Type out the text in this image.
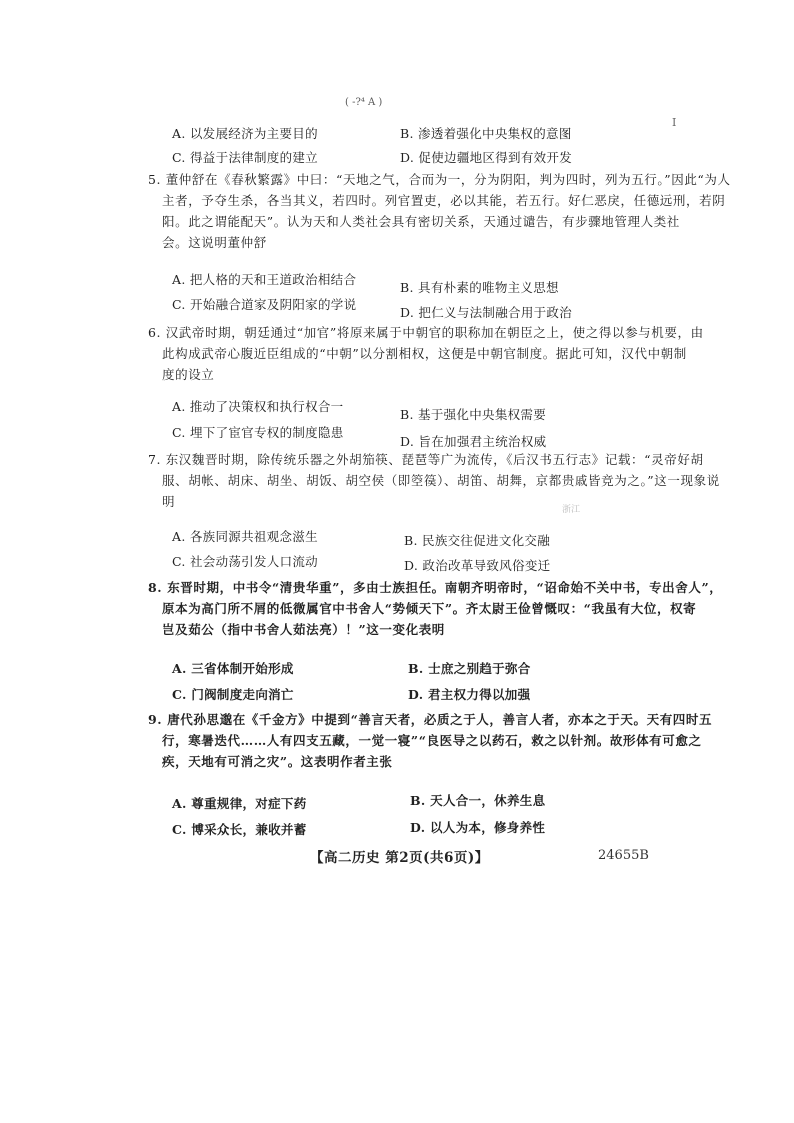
( -?⁴ A )
I
A. 以发展经济为主要目的	B. 渗透着强化中央集权的意图
C. 得益于法律制度的建立	D. 促使边疆地区得到有效开发
5. 董仲舒在《春秋繁露》中曰：“天地之气，合而为一，分为阴阳，判为四时，列为五行。”因此“为人
主者，予夺生杀，各当其义，若四时。列官置吏，必以其能，若五行。好仁恶戾，任德远刑，若阴
阳。此之谓能配天”。认为天和人类社会具有密切关系，天通过谴告，有步骤地管理人类社
会。这说明董仲舒
A. 把人格的天和王道政治相结合
B. 具有朴素的唯物主义思想
C. 开始融合道家及阴阳家的学说
D. 把仁义与法制融合用于政治
6. 汉武帝时期，朝廷通过“加官”将原来属于中朝官的职称加在朝臣之上，使之得以参与机要，由
此构成武帝心腹近臣组成的“中朝”以分割相权，这便是中朝官制度。据此可知，汉代中朝制
度的设立
A. 推动了决策权和执行权合一
B. 基于强化中央集权需要
C. 埋下了宦官专权的制度隐患
D. 旨在加强君主统治权威
7. 东汉魏晋时期，除传统乐器之外胡笳筷、琵琶等广为流传，《后汉书五行志》记载：“灵帝好胡
服、胡帐、胡床、胡坐、胡饭、胡空侯（即箜篌）、胡笛、胡舞，京都贵戚皆竞为之。”这一现象说
明
浙江
A. 各族同源共祖观念滋生	B. 民族交往促进文化交融
C. 社会动荡引发人口流动	D. 政治改革导致风俗变迁
8. 东晋时期，中书令“清贵华重”，多由士族担任。南朝齐明帝时，“诏命始不关中书，专出舍人”，
原本为高门所不屑的低微属官中书舍人“势倾天下”。齐太尉王俭曾慨叹：“我虽有大位，权寄
岂及茹公（指中书舍人茹法亮）！”这一变化表明
A. 三省体制开始形成	B. 士庶之别趋于弥合
C. 门阀制度走向消亡	D. 君主权力得以加强
9. 唐代孙思邈在《千金方》中提到“善言天者，必质之于人，善言人者，亦本之于天。天有四时五
行，寒暑迭代……人有四支五藏，一觉一寝”“良医导之以药石，救之以针剂。故形体有可愈之
疾，天地有可消之灾”。这表明作者主张
A. 尊重规律，对症下药	B. 天人合一，休养生息
C. 博采众长，兼收并蓄	D. 以人为本，修身养性
【高二历史 第2页(共6页)】	24655B
